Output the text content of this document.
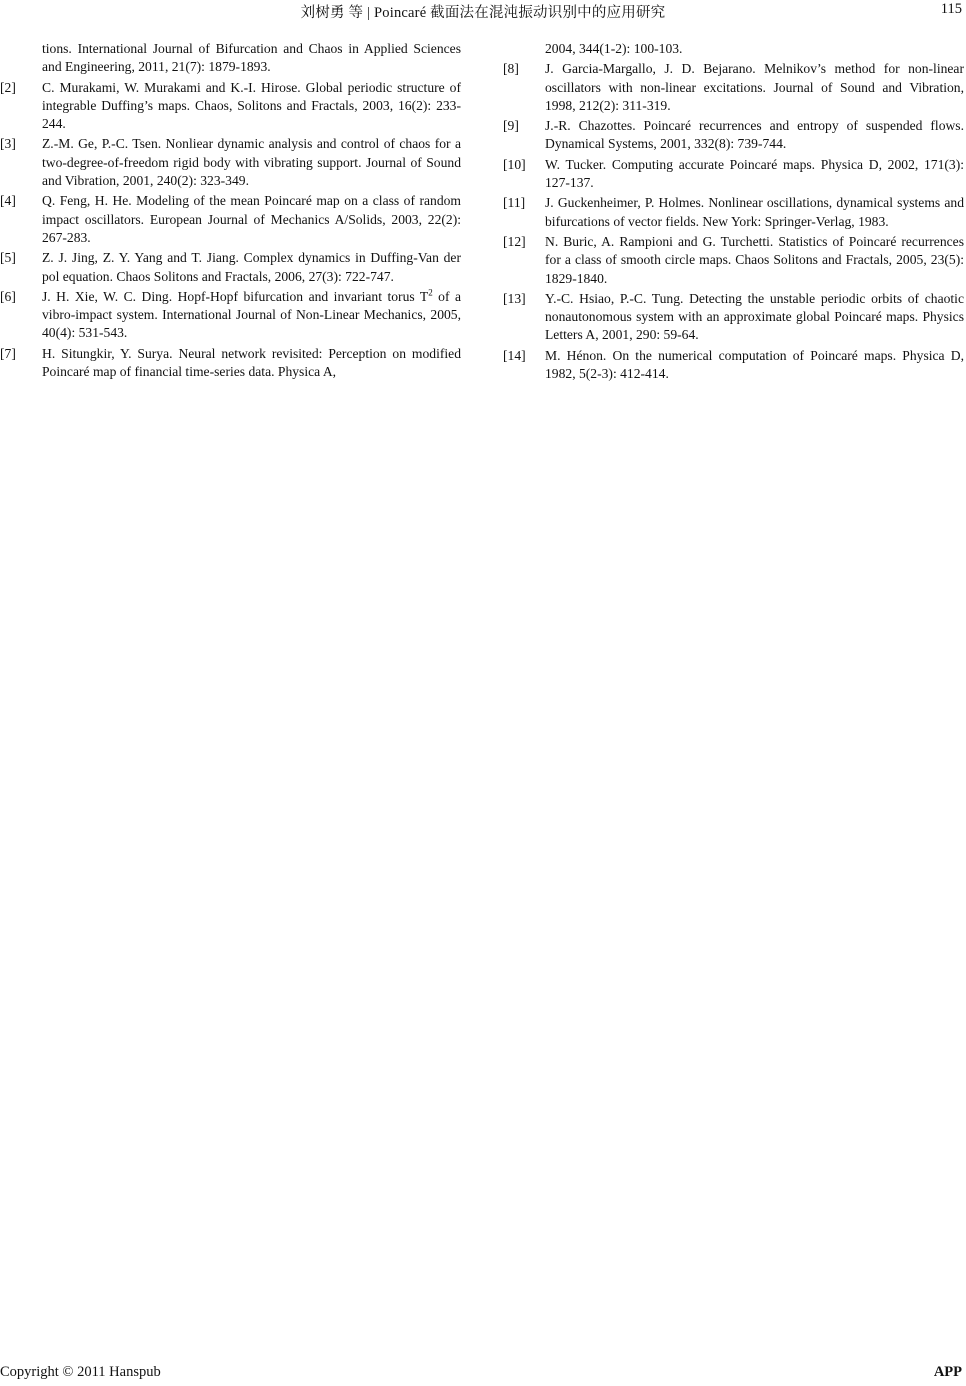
刘树勇 等 | Poincaré 截面法在混沌振动识别中的应用研究	115
tions. International Journal of Bifurcation and Chaos in Applied Sciences and Engineering, 2011, 21(7): 1879-1893.
[2] C. Murakami, W. Murakami and K.-I. Hirose. Global periodic structure of integrable Duffing’s maps. Chaos, Solitons and Fractals, 2003, 16(2): 233-244.
[3] Z.-M. Ge, P.-C. Tsen. Nonliear dynamic analysis and control of chaos for a two-degree-of-freedom rigid body with vibrating support. Journal of Sound and Vibration, 2001, 240(2): 323-349.
[4] Q. Feng, H. He. Modeling of the mean Poincaré map on a class of random impact oscillators. European Journal of Mechanics A/Solids, 2003, 22(2): 267-283.
[5] Z. J. Jing, Z. Y. Yang and T. Jiang. Complex dynamics in Duffing-Van der pol equation. Chaos Solitons and Fractals, 2006, 27(3): 722-747.
[6] J. H. Xie, W. C. Ding. Hopf-Hopf bifurcation and invariant torus $T^2$ of a vibro-impact system. International Journal of Non-Linear Mechanics, 2005, 40(4): 531-543.
[7] H. Situngkir, Y. Surya. Neural network revisited: Perception on modified Poincaré map of financial time-series data. Physica A,
2004, 344(1-2): 100-103.
[8] J. Garcia-Margallo, J. D. Bejarano. Melnikov’s method for non-linear oscillators with non-linear excitations. Journal of Sound and Vibration, 1998, 212(2): 311-319.
[9] J.-R. Chazottes. Poincaré recurrences and entropy of suspended flows. Dynamical Systems, 2001, 332(8): 739-744.
[10] W. Tucker. Computing accurate Poincaré maps. Physica D, 2002, 171(3): 127-137.
[11] J. Guckenheimer, P. Holmes. Nonlinear oscillations, dynamical systems and bifurcations of vector fields. New York: Springer-Verlag, 1983.
[12] N. Buric, A. Rampioni and G. Turchetti. Statistics of Poincaré recurrences for a class of smooth circle maps. Chaos Solitons and Fractals, 2005, 23(5): 1829-1840.
[13] Y.-C. Hsiao, P.-C. Tung. Detecting the unstable periodic orbits of chaotic nonautonomous system with an approximate global Poincaré maps. Physics Letters A, 2001, 290: 59-64.
[14] M. Hénon. On the numerical computation of Poincaré maps. Physica D, 1982, 5(2-3): 412-414.
Copyright © 2011 Hanspub	APP
